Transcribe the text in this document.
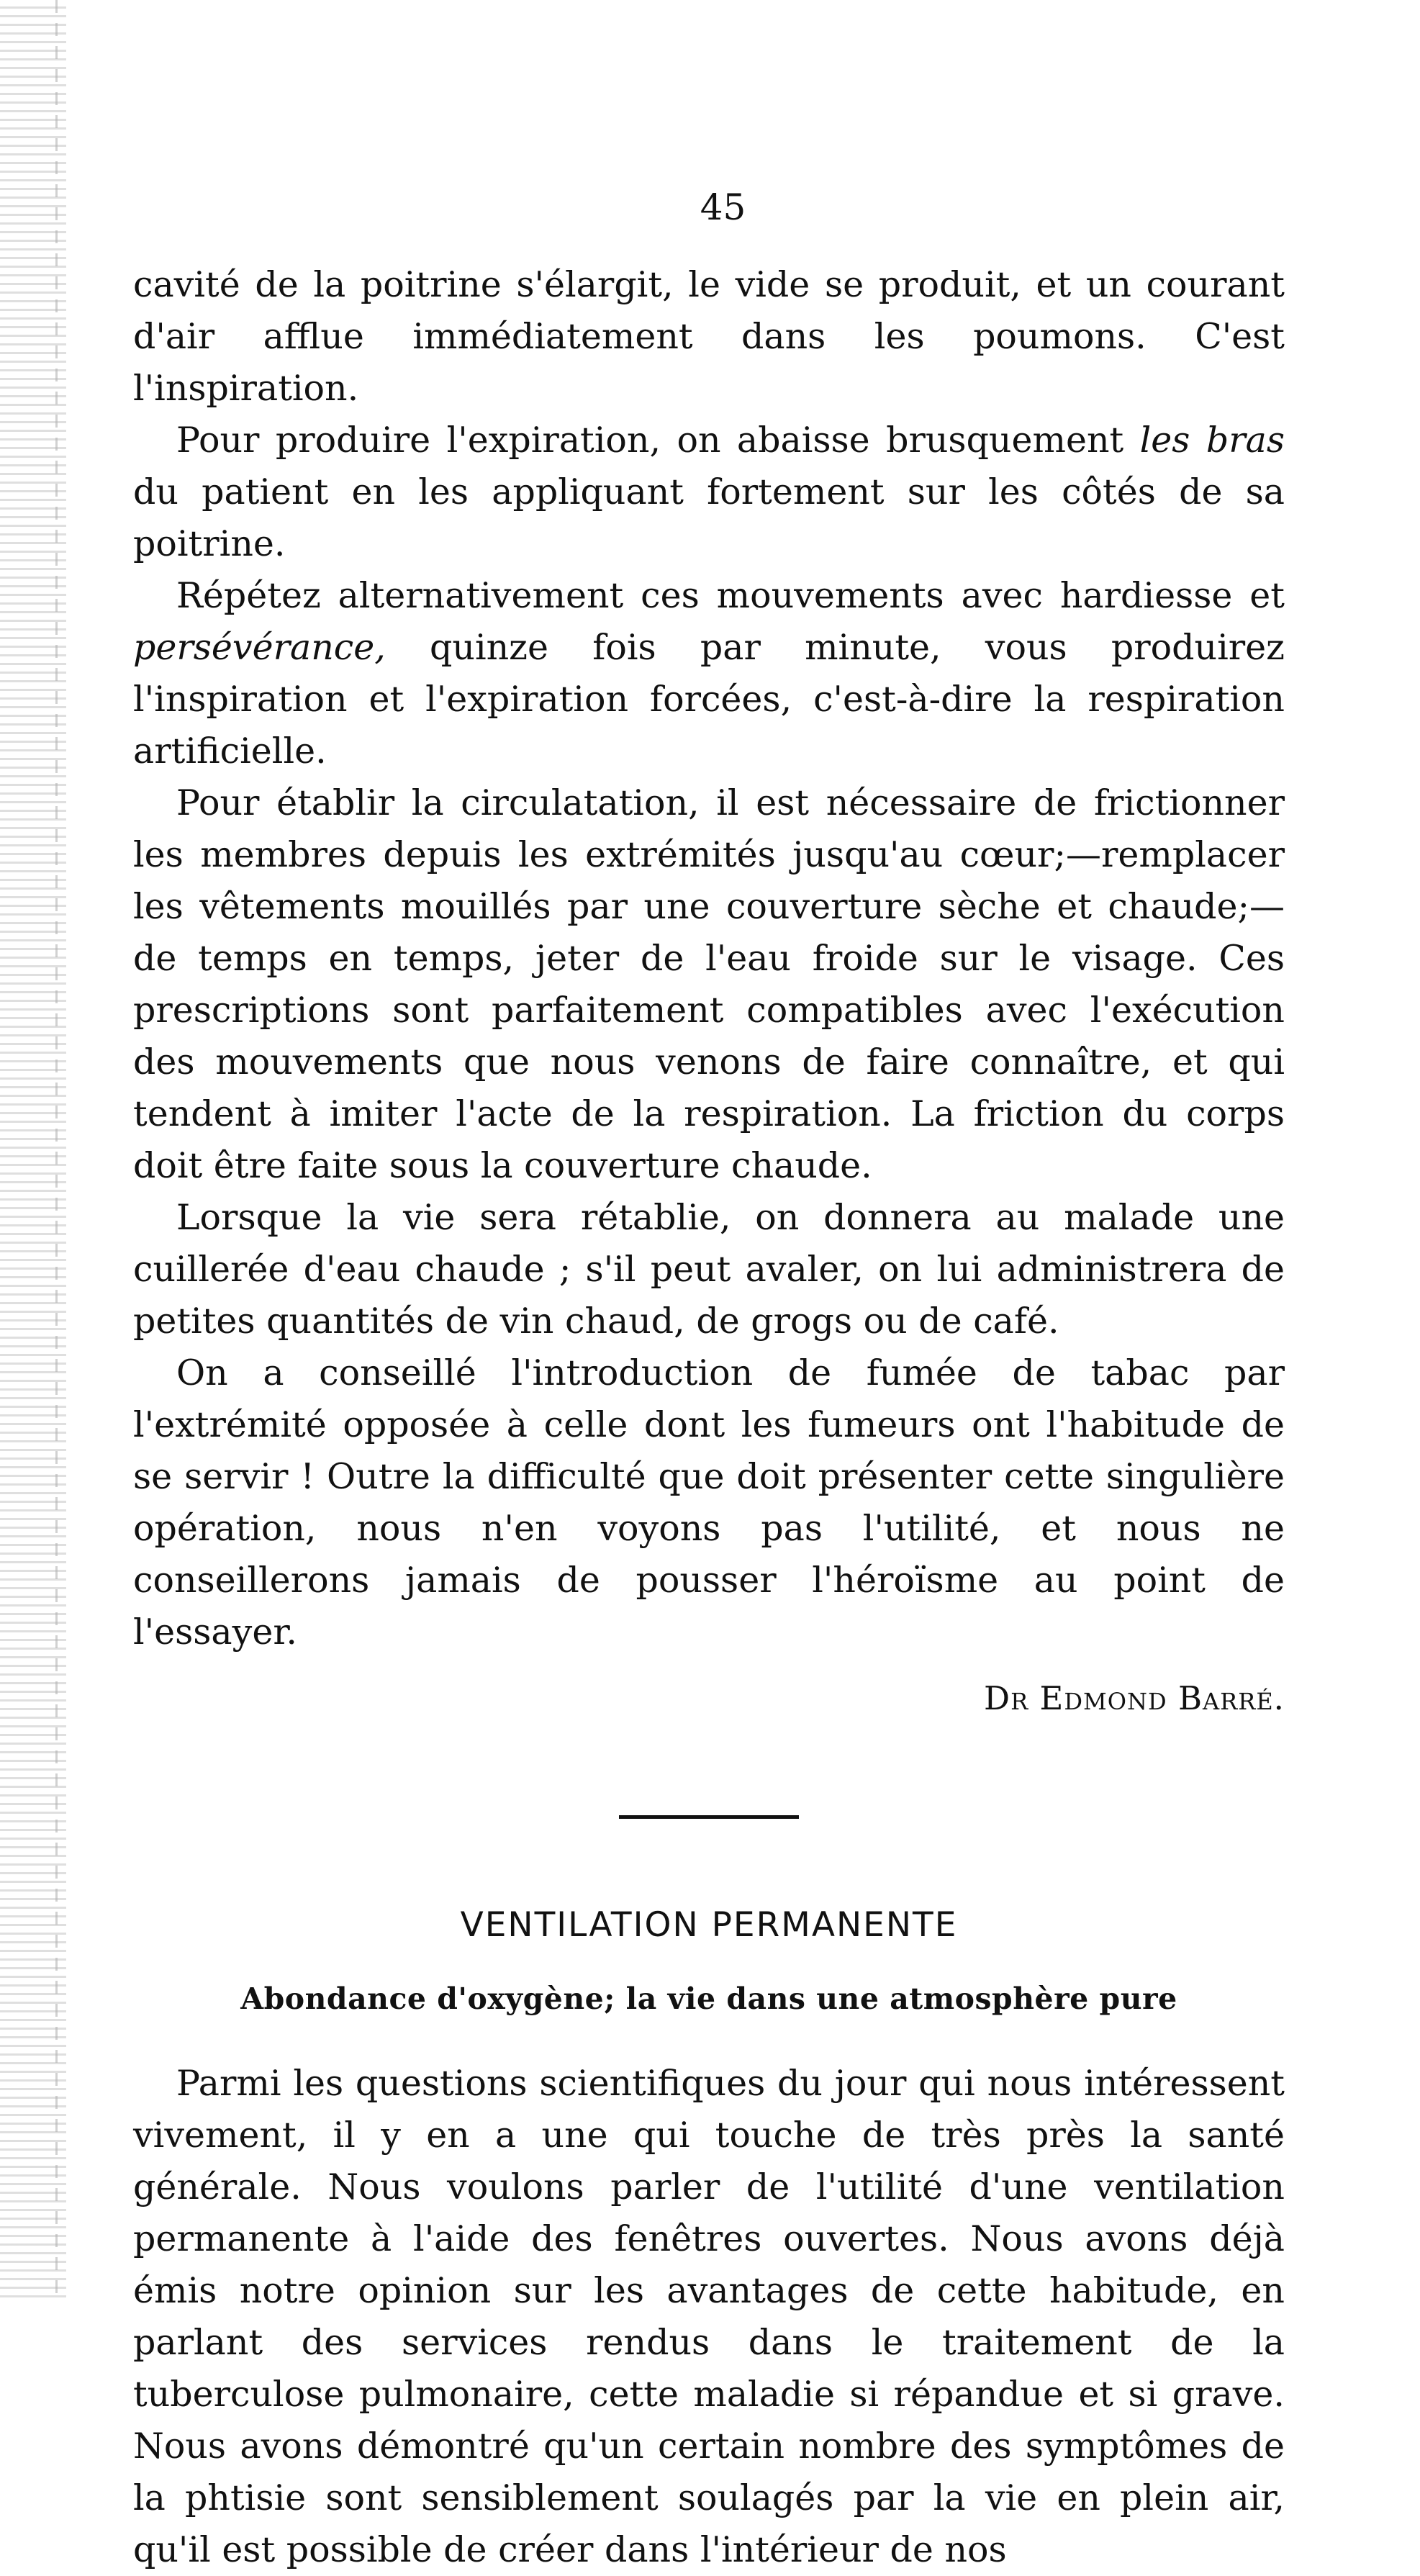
45

cavité de la poitrine s'élargit, le vide se produit, et un courant d'air afflue immédiatement dans les poumons. C'est l'inspiration.

Pour produire l'expiration, on abaisse brusquement les bras du patient en les appliquant fortement sur les côtés de sa poitrine.

Répétez alternativement ces mouvements avec hardiesse et persévérance, quinze fois par minute, vous produirez l'inspiration et l'expiration forcées, c'est-à-dire la respiration artificielle.

Pour établir la circulatation, il est nécessaire de frictionner les membres depuis les extrémités jusqu'au cœur;—remplacer les vêtements mouillés par une couverture sèche et chaude;—de temps en temps, jeter de l'eau froide sur le visage. Ces prescriptions sont parfaitement compatibles avec l'exécution des mouvements que nous venons de faire connaître, et qui tendent à imiter l'acte de la respiration. La friction du corps doit être faite sous la couverture chaude.

Lorsque la vie sera rétablie, on donnera au malade une cuillerée d'eau chaude ; s'il peut avaler, on lui administrera de petites quantités de vin chaud, de grogs ou de café.

On a conseillé l'introduction de fumée de tabac par l'extrémité opposée à celle dont les fumeurs ont l'habitude de se servir ! Outre la difficulté que doit présenter cette singulière opération, nous n'en voyons pas l'utilité, et nous ne conseillerons jamais de pousser l'héroïsme au point de l'essayer.

Dr Edmond Barré.
VENTILATION PERMANENTE
Abondance d'oxygène; la vie dans une atmosphère pure

Parmi les questions scientifiques du jour qui nous intéressent vivement, il y en a une qui touche de très près la santé générale. Nous voulons parler de l'utilité d'une ventilation permanente à l'aide des fenêtres ouvertes. Nous avons déjà émis notre opinion sur les avantages de cette habitude, en parlant des services rendus dans le traitement de la tuberculose pulmonaire, cette maladie si répandue et si grave. Nous avons démontré qu'un certain nombre des symptômes de la phtisie sont sensiblement soulagés par la vie en plein air, qu'il est possible de créer dans l'intérieur de nos
